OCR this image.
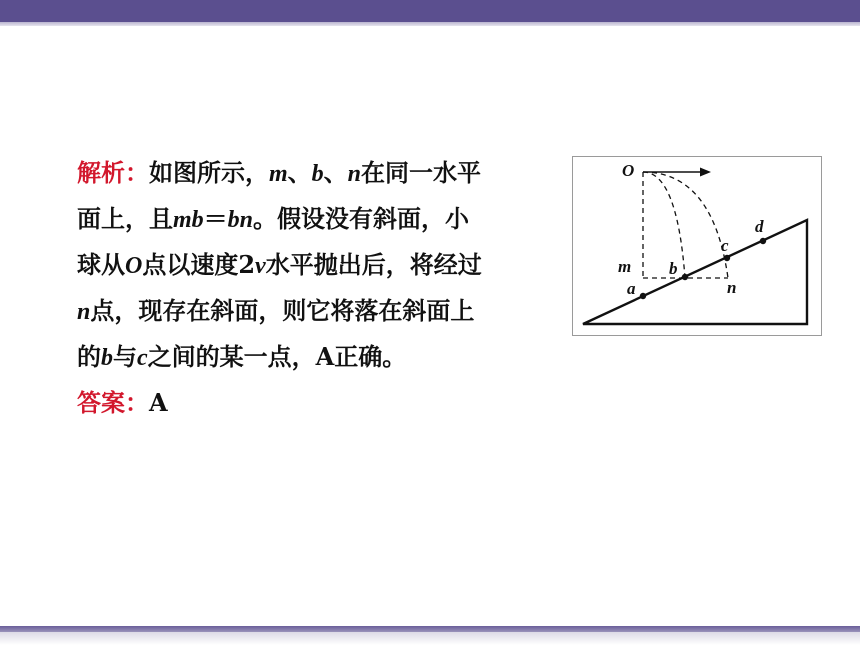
解析：如图所示，m、b、n在同一水平
面上，且mb＝bn。假设没有斜面，小
球从O点以速度2v水平抛出后，将经过
n点，现存在斜面，则它将落在斜面上
的b与c之间的某一点，A正确。
答案：A
O
m
a
b
c
n
d
